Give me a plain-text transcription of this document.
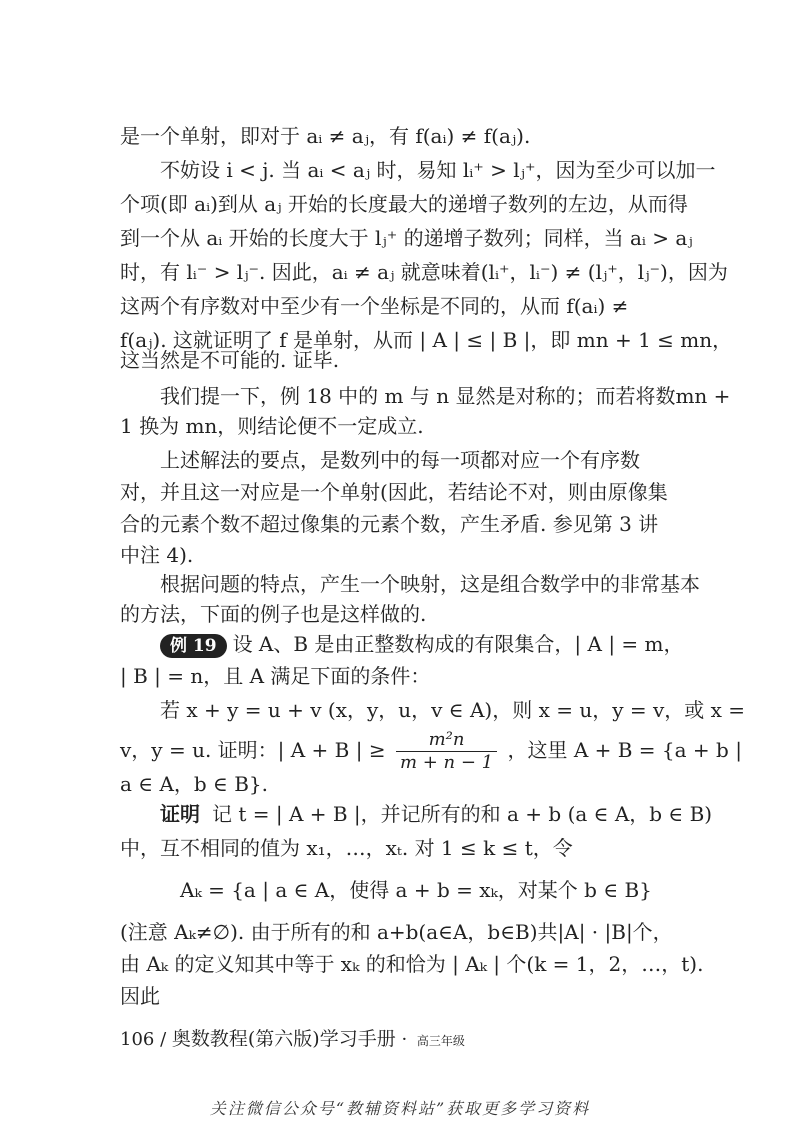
是一个单射，即对于 aᵢ ≠ aⱼ，有 f(aᵢ) ≠ f(aⱼ).
不妨设 i < j. 当 aᵢ < aⱼ 时，易知 lᵢ⁺ > lⱼ⁺，因为至少可以加一
个项(即 aᵢ)到从 aⱼ 开始的长度最大的递增子数列的左边，从而得
到一个从 aᵢ 开始的长度大于 lⱼ⁺ 的递增子数列；同样，当 aᵢ > aⱼ
时，有 lᵢ⁻ > lⱼ⁻. 因此，aᵢ ≠ aⱼ 就意味着(lᵢ⁺，lᵢ⁻) ≠ (lⱼ⁺，lⱼ⁻)，因为
这两个有序数对中至少有一个坐标是不同的，从而 f(aᵢ) ≠
f(aⱼ). 这就证明了 f 是单射，从而 | A | ≤ | B |，即 mn + 1 ≤ mn，
这当然是不可能的. 证毕.
我们提一下，例 18 中的 m 与 n 显然是对称的；而若将数mn +
1 换为 mn，则结论便不一定成立.
上述解法的要点，是数列中的每一项都对应一个有序数
对，并且这一对应是一个单射(因此，若结论不对，则由原像集
合的元素个数不超过像集的元素个数，产生矛盾. 参见第 3 讲
中注 4).
根据问题的特点，产生一个映射，这是组合数学中的非常基本
的方法，下面的例子也是这样做的.
例 19 设 A、B 是由正整数构成的有限集合，| A | = m，
| B | = n，且 A 满足下面的条件：
若 x + y = u + v (x，y，u，v ∈ A)，则 x = u，y = v，或 x =
v，y = u. 证明：| A + B | ≥ $\frac{\text{m²n}}{m + n - 1}$ ，这里 A + B = {a + b |
a ∈ A，b ∈ B}.
证明 记 t = | A + B |，并记所有的和 a + b (a ∈ A，b ∈ B)
中，互不相同的值为 x₁，…，xₜ. 对 1 ≤ k ≤ t，令
Aₖ = {a | a ∈ A，使得 a + b = xₖ，对某个 b ∈ B}
(注意 Aₖ≠∅). 由于所有的和 a+b(a∈A，b∈B)共|A| · |B|个，
由 Aₖ 的定义知其中等于 xₖ 的和恰为 | Aₖ | 个(k = 1，2，…，t).
因此
106 / 奥数教程(第六版)学习手册 · 高三年级
关注微信公众号“教辅资料站”获取更多学习资料
